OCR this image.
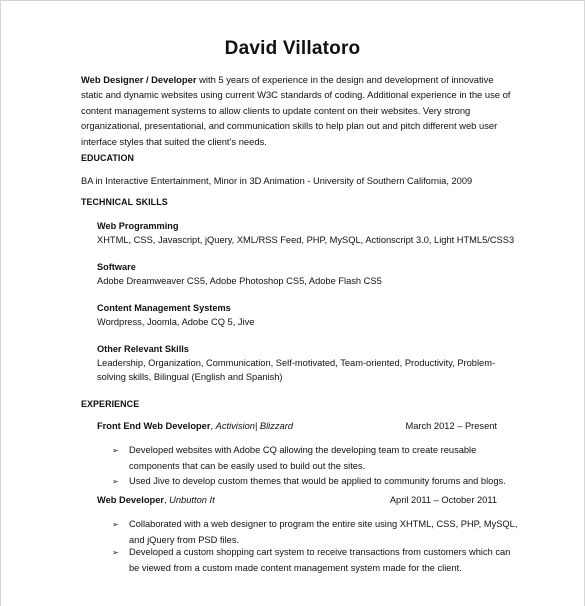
David Villatoro
Web Designer / Developer with 5 years of experience in the design and development of innovative
static and dynamic websites using current W3C standards of coding. Additional experience in the use of
content management systems to allow clients to update content on their websites. Very strong
organizational, presentational, and communication skills to help plan out and pitch different web user
interface styles that suited the client’s needs.
EDUCATION
BA in Interactive Entertainment, Minor in 3D Animation - University of Southern California, 2009
TECHNICAL SKILLS
Web Programming
XHTML, CSS, Javascript, jQuery, XML/RSS Feed, PHP, MySQL, Actionscript 3.0, Light HTML5/CSS3
Software
Adobe Dreamweaver CS5, Adobe Photoshop CS5, Adobe Flash CS5
Content Management Systems
Wordpress, Joomla, Adobe CQ 5, Jive
Other Relevant Skills
Leadership, Organization, Communication, Self-motivated, Team-oriented, Productivity, Problem-
solving skills, Bilingual (English and Spanish)
EXPERIENCE
Front End Web Developer, Activision| Blizzard	March 2012 – Present
➢ Developed websites with Adobe CQ allowing the developing team to create reusable
components that can be easily used to build out the sites.
➢ Used Jive to develop custom themes that would be applied to community forums and blogs.
Web Developer, Unbutton It	April 2011 – October 2011
➢ Collaborated with a web designer to program the entire site using XHTML, CSS, PHP, MySQL,
and jQuery from PSD files.
➢ Developed a custom shopping cart system to receive transactions from customers which can
be viewed from a custom made content management system made for the client.
